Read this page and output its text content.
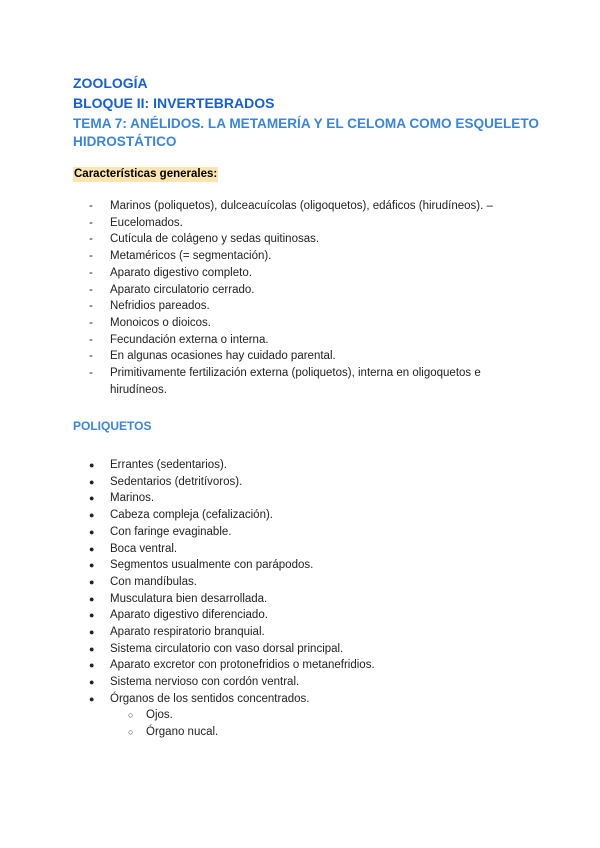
ZOOLOGÍA
BLOQUE II: INVERTEBRADOS
TEMA 7: ANÉLIDOS. LA METAMERÍA Y EL CELOMA COMO ESQUELETO HIDROSTÁTICO
Características generales:
- Marinos (poliquetos), dulceacuícolas (oligoquetos), edáficos (hirudíneos). –
- Eucelomados.
- Cutícula de colágeno y sedas quitinosas.
- Metaméricos (= segmentación).
- Aparato digestivo completo.
- Aparato circulatorio cerrado.
- Nefridios pareados.
- Monoicos o dioicos.
- Fecundación externa o interna.
- En algunas ocasiones hay cuidado parental.
- Primitivamente fertilización externa (poliquetos), interna en oligoquetos e hirudíneos.
POLIQUETOS
● Errantes (sedentarios).
● Sedentarios (detritívoros).
● Marinos.
● Cabeza compleja (cefalización).
● Con faringe evaginable.
● Boca ventral.
● Segmentos usualmente con parápodos.
● Con mandíbulas.
● Musculatura bien desarrollada.
● Aparato digestivo diferenciado.
● Aparato respiratorio branquial.
● Sistema circulatorio con vaso dorsal principal.
● Aparato excretor con protonefridios o metanefridios.
● Sistema nervioso con cordón ventral.
● Órganos de los sentidos concentrados.
○ Ojos.
○ Órgano nucal.
